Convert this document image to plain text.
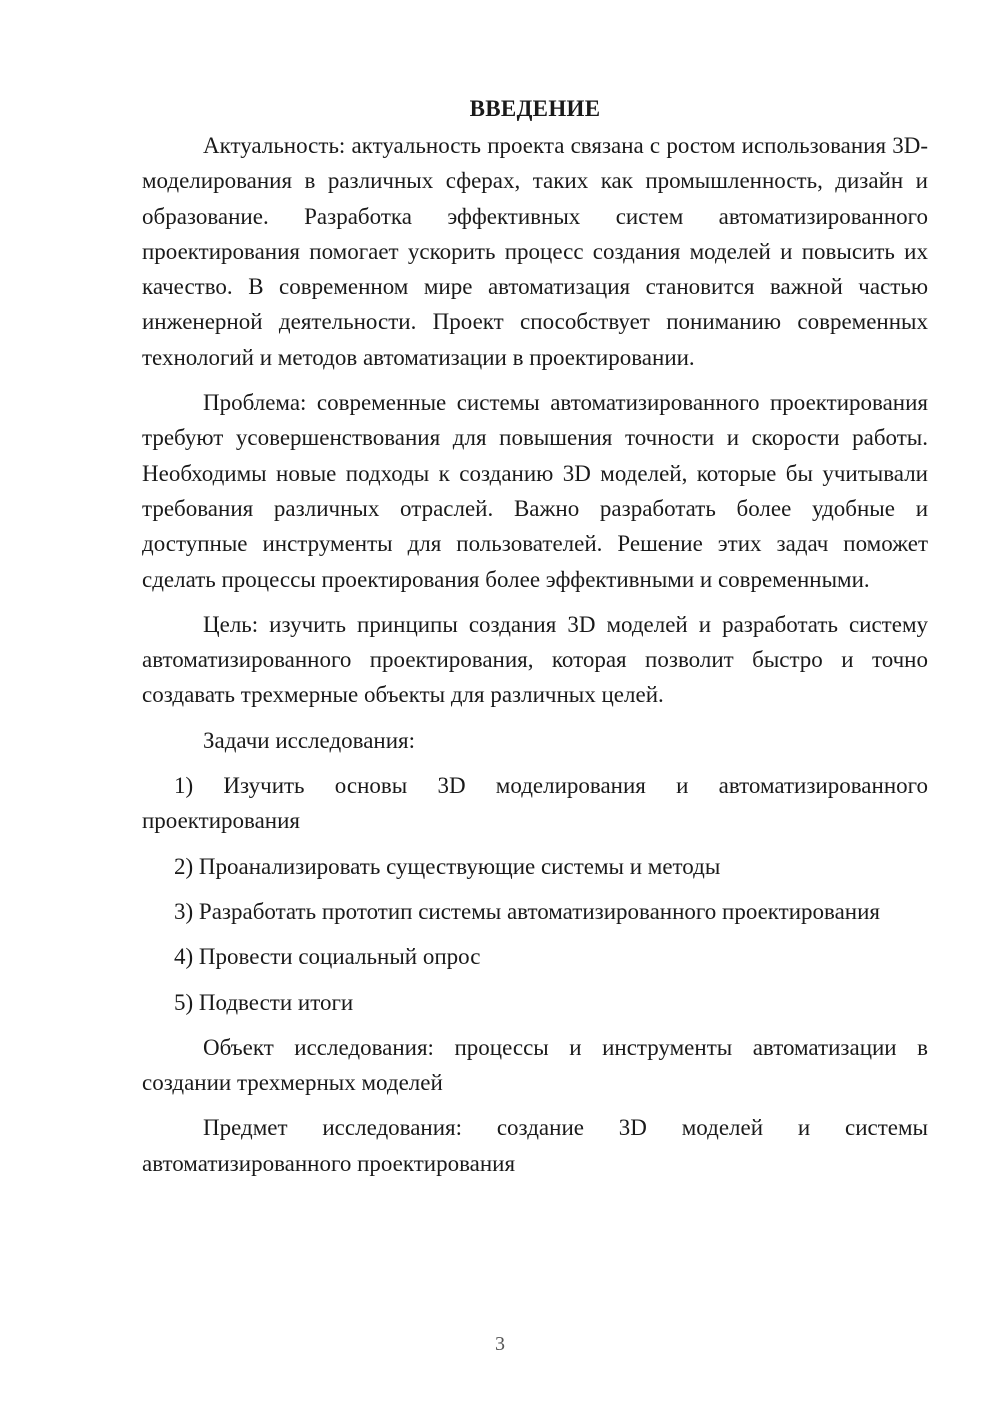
ВВЕДЕНИЕ

Актуальность: актуальность проекта связана с ростом использования 3D-моделирования в различных сферах, таких как промышленность, дизайн и образование. Разработка эффективных систем автоматизированного проектирования помогает ускорить процесс создания моделей и повысить их качество. В современном мире автоматизация становится важной частью инженерной деятельности. Проект способствует пониманию современных технологий и методов автоматизации в проектировании.

Проблема: современные системы автоматизированного проектирования требуют усовершенствования для повышения точности и скорости работы. Необходимы новые подходы к созданию 3D моделей, которые бы учитывали требования различных отраслей. Важно разработать более удобные и доступные инструменты для пользователей. Решение этих задач поможет сделать процессы проектирования более эффективными и современными.

Цель: изучить принципы создания 3D моделей и разработать систему автоматизированного проектирования, которая позволит быстро и точно создавать трехмерные объекты для различных целей.

Задачи исследования:

1) Изучить основы 3D моделирования и автоматизированного проектирования

2) Проанализировать существующие системы и методы

3) Разработать прототип системы автоматизированного проектирования

4) Провести социальный опрос

5) Подвести итоги

Объект исследования: процессы и инструменты автоматизации в создании трехмерных моделей

Предмет исследования: создание 3D моделей и системы автоматизированного проектирования

3
